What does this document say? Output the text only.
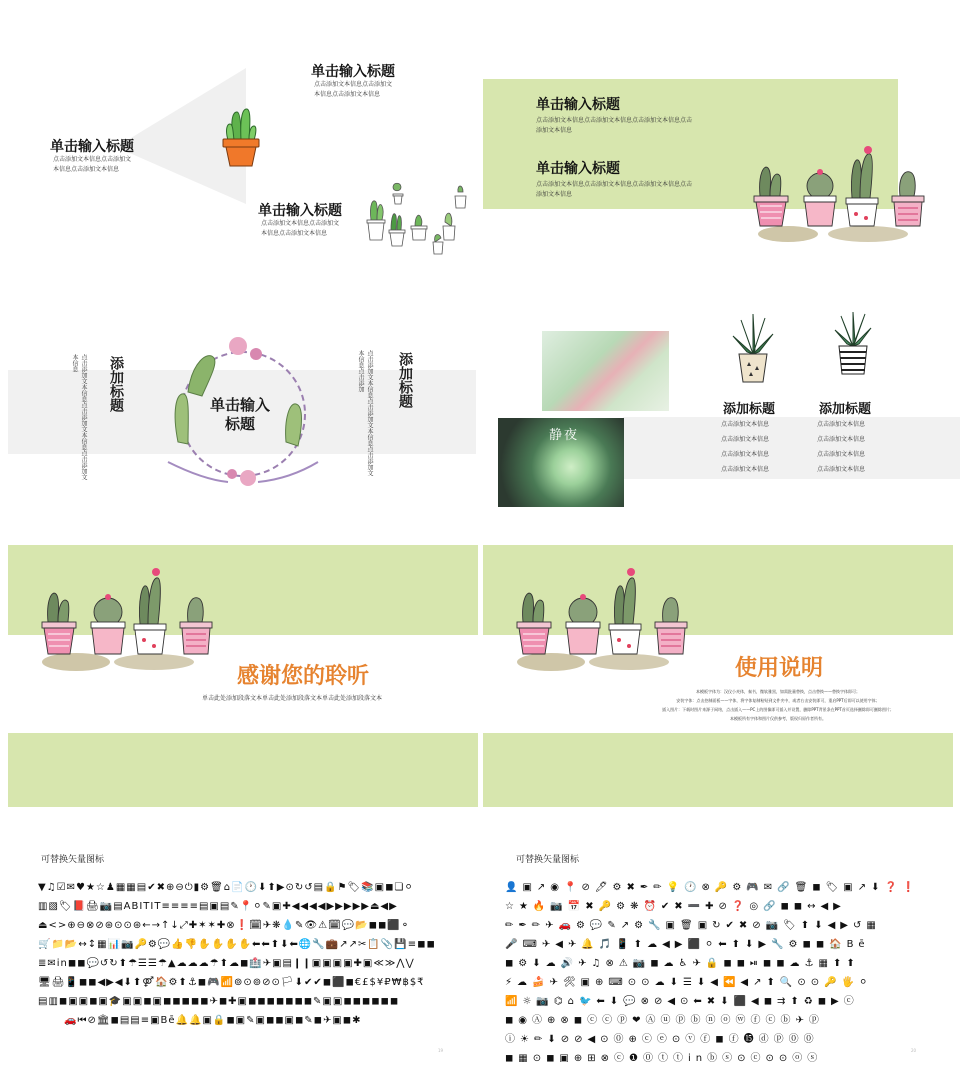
单击输入标题
点击添加文本信息点击添加文本信息点击添加文本信息
单击输入标题
点击添加文本信息点击添加文本信息点击添加文本信息
单击输入标题
点击添加文本信息点击添加文本信息点击添加文本信息
单击输入标题
点击添加文本信息点击添加文本信息点击添加文本信息点击添加文本信息
单击输入标题
点击添加文本信息点击添加文本信息点击添加文本信息点击添加文本信息
点击添加文本信息点击添加文本信息点击添加文本信息	添加标题	点击添加文本信息点击添加文本信息点击添加文本信息点击添加	添加标题
单击输入标题
静夜
添加标题	添加标题
点击添加文本信息
点击添加文本信息
点击添加文本信息
点击添加文本信息
点击添加文本信息
点击添加文本信息
点击添加文本信息
点击添加文本信息
感谢您的聆听
单击此处添加段落文本单击此处添加段落文本单击此处添加段落文本
使用说明
本模板字体为：汉仪小麦体，秦书，微软雅黑，如需批量替换，点击替换——替换字体即可；
安装字体：点击控制面板——字体，将字体复制粘贴到文件夹中，或者右击安装即可，重启PPT后即可以使用字体；
插入图片：下载时图片来源于网络，点击插入——PC上的图像即可插入并设置，删除PPT背景条在PPT首页选择删除即可删除图片；
本模板所有字体和图片仅供参考，版权归原作者所有。
可替换矢量图标
▼♫☑✉♥★☆♟▦▦▤✔✖⊕⊖⏻▮⚙🗑⌂📄🕐⬇⬆▶⊙↻↺▤🔒⚑🏷📚▣◼❏⚪
▥▧🏷📕🖨📷▤ABITIT≡≡≡≡▤▣▤✎📍⚪✎▣✚◀◀◀◀▶▶▶▶▶⏏◀▶
⏏<>⊕⊖⊗⊘⊛⊙⊙⊛←→↑↓⤢✚✶✶✚⊗❗🗓✈❋💧✎👁⚠🗓💬📂◼◼⬛⚬
🛒📁📂↔↕▦📊📷🔑⚙💬👍👎✋✋✋✋⬅⬅⬆⬇⬅🌐🔧💼↗↗✂📋📎💾≡◼◼
≣✉in◼◼💬↺↻⬆☂☰☰☂▲☁☁☁☂⬆☁◼🏥✈▣▤❙❙▣▣▣▣✚▣≪≫⋀⋁
🖥🖨📱◼◼◀▶◀⬇⬆⚤🏠⚙⬆⚓◼🎮📶⊚⊙⊚⊘⊙🏳⬇✔✔◼⬛◼€£$¥₽₩฿$₹
▤▥◼▣▣◼▣🎓▣▣◼▣◼◼◼◼◼✈◼✚▣◼◼◼◼◼◼◼✎▣▣◼◼◼◼◼◼
🚗⏮⊘🏛◼▤▤≡▣Bē🔔🔔▣🔒◼▣✎▣◼◼▣◼✎◼✈▣◼✱
19
可替换矢量图标
👤▣↗◉📍⊘🖊⚙✖✒✏💡🕐⊗🔑⚙🎮✉🔗🗑◼🏷▣↗⬇❓❗
☆★🔥📷📅✖🔑⚙❋⏰✔✖➖✚⊘❓◎🔗◼◼↔◀▶
✏✒✏✈🚗⚙💬✎↗⚙🔧▣🗑▣↻✔✖⊘📷🏷⬆⬇◀▶↺▦
🎤⌨✈◀✈🔔🎵📱⬆☁◀▶⬛⚪⬅⬆⬇▶🔧⚙◼◼🏠Bē
◼⚙⬇☁🔊✈♫⊗⚠📷◼☁♿✈🔒◼◼⏯◼◼☁⚓▦⬆⬆
⚡☁🍰✈🛠▣⊕⌨⊙⊙☁⬇☰⬇◀⏪◀↗⬆🔍⊙⊙🔑🖐⚪
📶☼📷⌬⌂🐦⬅⬇💬⊗⊘◀⊙⬅✖⬇⬛◀◼⇉⬆♻◼▶ⓒ
◼◉Ⓐ⊕⊗◼ⓒⓒⓟ❤Ⓐⓤⓟⓑⓝⓞⓦⓕⓒⓑ✈ⓟ
ⓘ☀✏⬇⊘⊘◀⊙⓪⊕ⓒⓔ⊙ⓥⓕ◼ⓕ⓯ⓓⓟ⓪⓪
◼▦⊙◼▣⊕⊞⊗ⓒ❶⓪ⓣⓣinⓑⓢ⊙ⓒ⊙⊙ⓞⓢ
20
